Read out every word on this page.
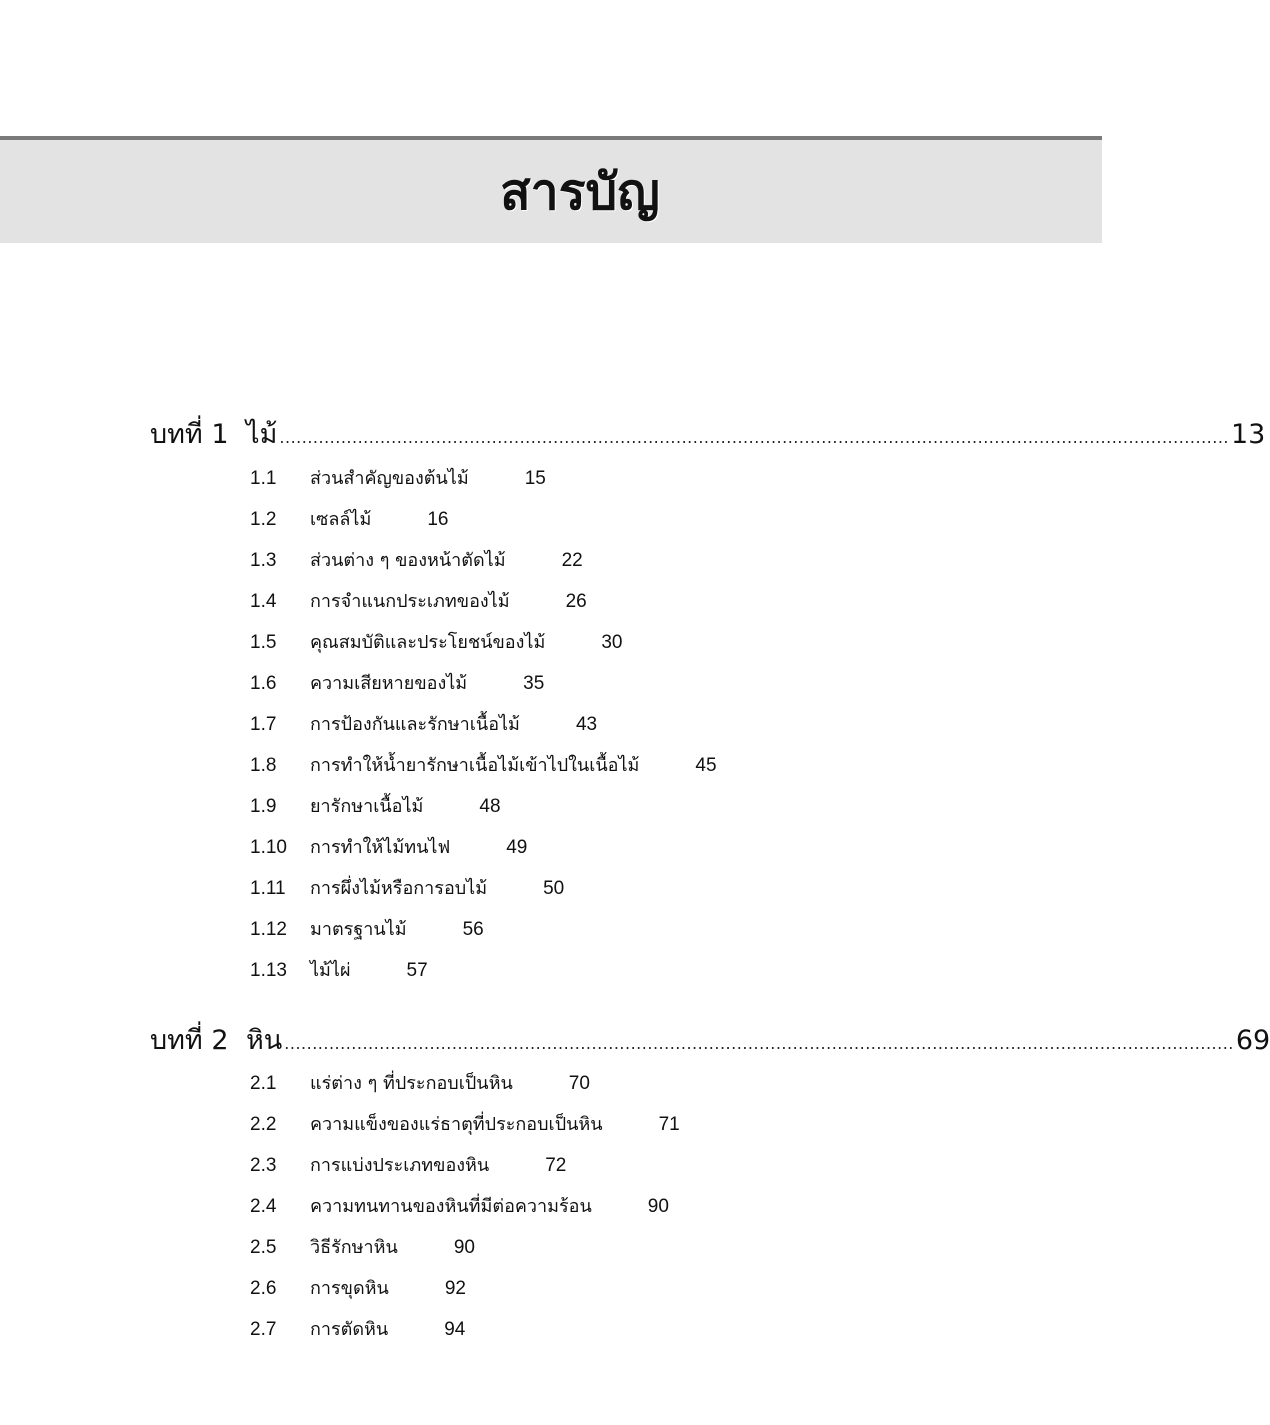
สารบัญ
บทที่ 1 ไม้ .......................................................................................................................................................................... 13
1.1	ส่วนสำคัญของต้นไม้	15
1.2	เซลล์ไม้	16
1.3	ส่วนต่าง ๆ ของหน้าตัดไม้	22
1.4	การจำแนกประเภทของไม้	26
1.5	คุณสมบัติและประโยชน์ของไม้	30
1.6	ความเสียหายของไม้	35
1.7	การป้องกันและรักษาเนื้อไม้	43
1.8	การทำให้น้ำยารักษาเนื้อไม้เข้าไปในเนื้อไม้	45
1.9	ยารักษาเนื้อไม้	48
1.10	การทำให้ไม้ทนไฟ	49
1.11	การผึ่งไม้หรือการอบไม้	50
1.12	มาตรฐานไม้	56
1.13	ไม้ไผ่	57
บทที่ 2 หิน .......................................................................................................................................................................... 69
2.1	แร่ต่าง ๆ ที่ประกอบเป็นหิน	70
2.2	ความแข็งของแร่ธาตุที่ประกอบเป็นหิน	71
2.3	การแบ่งประเภทของหิน	72
2.4	ความทนทานของหินที่มีต่อความร้อน	90
2.5	วิธีรักษาหิน	90
2.6	การขุดหิน	92
2.7	การตัดหิน	94
